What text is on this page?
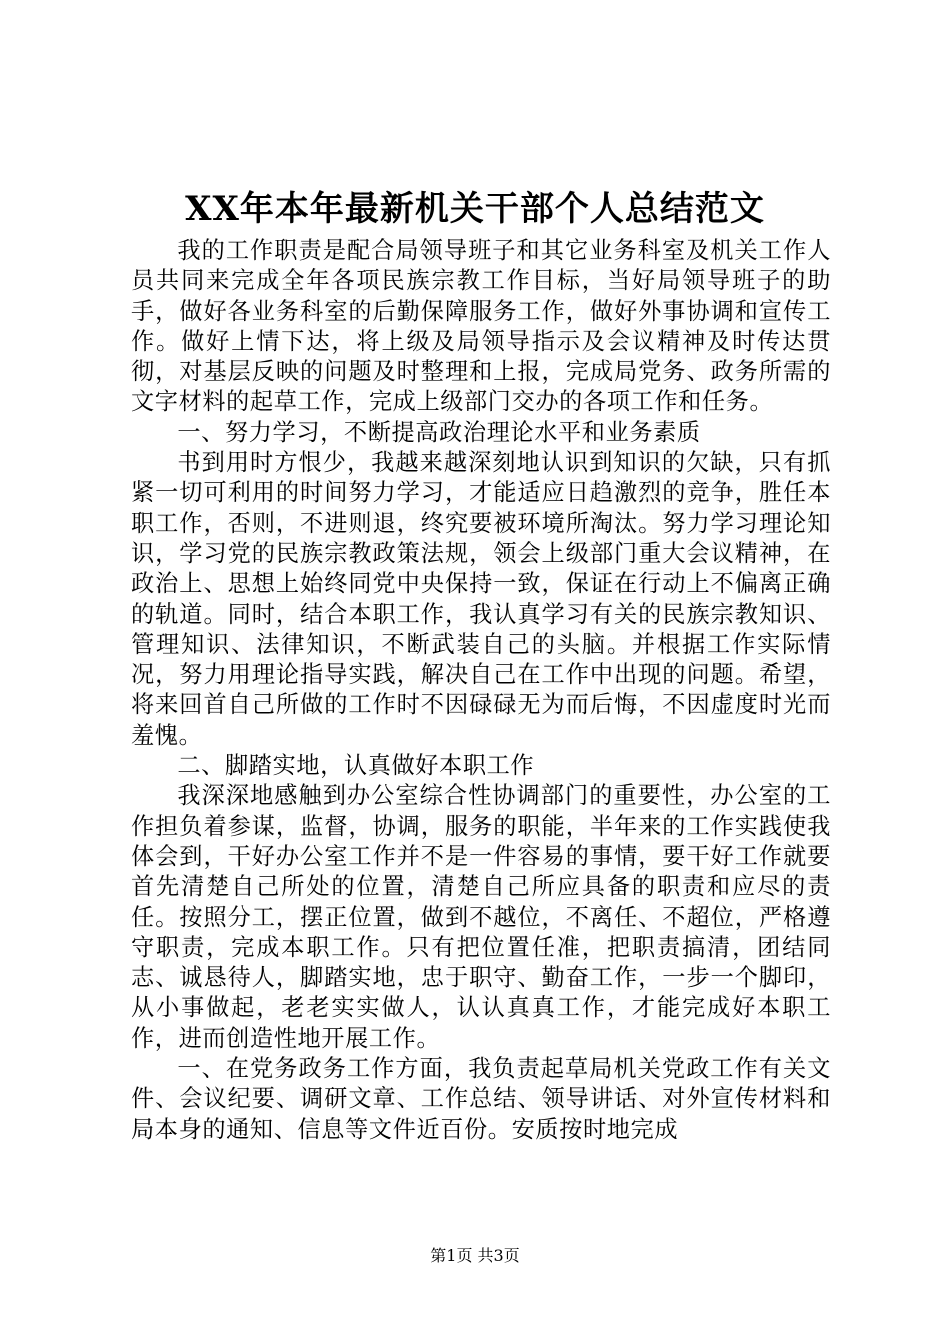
XX年本年最新机关干部个人总结范文

我的工作职责是配合局领导班子和其它业务科室及机关工作人员共同来完成全年各项民族宗教工作目标，当好局领导班子的助手，做好各业务科室的后勤保障服务工作，做好外事协调和宣传工作。做好上情下达，将上级及局领导指示及会议精神及时传达贯彻，对基层反映的问题及时整理和上报，完成局党务、政务所需的文字材料的起草工作，完成上级部门交办的各项工作和任务。

一、努力学习，不断提高政治理论水平和业务素质

书到用时方恨少，我越来越深刻地认识到知识的欠缺，只有抓紧一切可利用的时间努力学习，才能适应日趋激烈的竞争，胜任本职工作，否则，不进则退，终究要被环境所淘汰。努力学习理论知识，学习党的民族宗教政策法规，领会上级部门重大会议精神，在政治上、思想上始终同党中央保持一致，保证在行动上不偏离正确的轨道。同时，结合本职工作，我认真学习有关的民族宗教知识、管理知识、法律知识，不断武装自己的头脑。并根据工作实际情况，努力用理论指导实践，解决自己在工作中出现的问题。希望，将来回首自己所做的工作时不因碌碌无为而后悔，不因虚度时光而羞愧。

二、脚踏实地，认真做好本职工作

我深深地感触到办公室综合性协调部门的重要性，办公室的工作担负着参谋，监督，协调，服务的职能，半年来的工作实践使我体会到，干好办公室工作并不是一件容易的事情，要干好工作就要首先清楚自己所处的位置，清楚自己所应具备的职责和应尽的责任。按照分工，摆正位置，做到不越位，不离任、不超位，严格遵守职责，完成本职工作。只有把位置任准，把职责搞清，团结同志、诚恳待人，脚踏实地，忠于职守、勤奋工作，一步一个脚印，从小事做起，老老实实做人，认认真真工作，才能完成好本职工作，进而创造性地开展工作。

一、在党务政务工作方面，我负责起草局机关党政工作有关文件、会议纪要、调研文章、工作总结、领导讲话、对外宣传材料和局本身的通知、信息等文件近百份。安质按时地完成

第1页 共3页
